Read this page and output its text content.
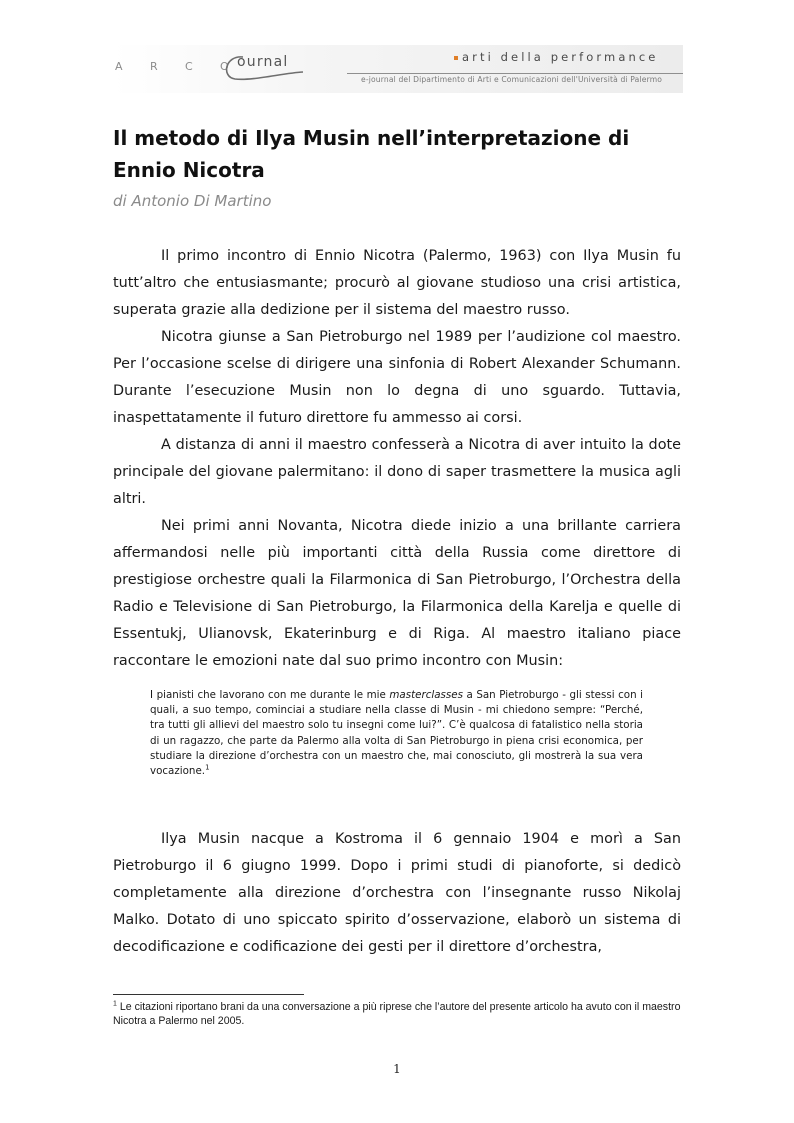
A R C O ournal	arti della performance
e-journal del Dipartimento di Arti e Comunicazioni dell'Università di Palermo
Il metodo di Ilya Musin nell’interpretazione di Ennio Nicotra

di Antonio Di Martino

Il primo incontro di Ennio Nicotra (Palermo, 1963) con Ilya Musin fu tutt’altro che entusiasmante; procurò al giovane studioso una crisi artistica, superata grazie alla dedizione per il sistema del maestro russo.

Nicotra giunse a San Pietroburgo nel 1989 per l’audizione col maestro. Per l’occasione scelse di dirigere una sinfonia di Robert Alexander Schumann. Durante l’esecuzione Musin non lo degna di uno sguardo. Tuttavia, inaspettatamente il futuro direttore fu ammesso ai corsi.

A distanza di anni il maestro confesserà a Nicotra di aver intuito la dote principale del giovane palermitano: il dono di saper trasmettere la musica agli altri.

Nei primi anni Novanta, Nicotra diede inizio a una brillante carriera affermandosi nelle più importanti città della Russia come direttore di prestigiose orchestre quali la Filarmonica di San Pietroburgo, l’Orchestra della Radio e Televisione di San Pietroburgo, la Filarmonica della Karelja e quelle di Essentukj, Ulianovsk, Ekaterinburg e di Riga. Al maestro italiano piace raccontare le emozioni nate dal suo primo incontro con Musin:

I pianisti che lavorano con me durante le mie masterclasses a San Pietroburgo - gli stessi con i quali, a suo tempo, cominciai a studiare nella classe di Musin - mi chiedono sempre: “Perché, tra tutti gli allievi del maestro solo tu insegni come lui?”. C’è qualcosa di fatalistico nella storia di un ragazzo, che parte da Palermo alla volta di San Pietroburgo in piena crisi economica, per studiare la direzione d’orchestra con un maestro che, mai conosciuto, gli mostrerà la sua vera vocazione.$^1$

Ilya Musin nacque a Kostroma il 6 gennaio 1904 e morì a San Pietroburgo il 6 giugno 1999. Dopo i primi studi di pianoforte, si dedicò completamente alla direzione d’orchestra con l’insegnante russo Nikolaj Malko. Dotato di uno spiccato spirito d’osservazione, elaborò un sistema di decodificazione e codificazione dei gesti per il direttore d’orchestra,

$^1$ Le citazioni riportano brani da una conversazione a più riprese che l’autore del presente articolo ha avuto con il maestro Nicotra a Palermo nel 2005.

1
